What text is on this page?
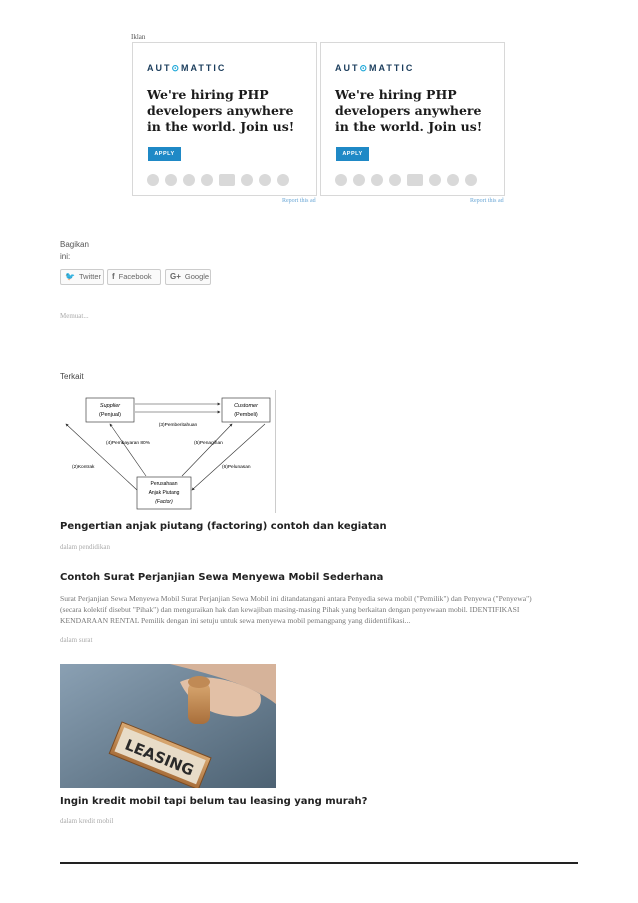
Iklan
AUT⊙MATTIC
We're hiring PHP developers anywhere in the world. Join us!
APPLY
Report this ad
AUT⊙MATTIC
We're hiring PHP developers anywhere in the world. Join us!
APPLY
Report this ad
Bagikan ini:
🐦 Twitter f Facebook G+ Google
Memuat...
Terkait
Supplier
(Penjual)
Customer
(Pembeli)
(3)Pemberitahuan
Perusahaan
Anjak Piutang
(Factor)
(4)Pembayaran 80%	(5)Penagihan
(2)Kontrak	(6)Pelunasan
Pengertian anjak piutang (factoring) contoh dan kegiatan
dalam pendidikan
Contoh Surat Perjanjian Sewa Menyewa Mobil Sederhana
Surat Perjanjian Sewa Menyewa Mobil Surat Perjanjian Sewa Mobil ini ditandatangani antara Penyedia sewa mobil ("Pemilik") dan Penyewa ("Penyewa") (secara kolektif disebut "Pihak") dan menguraikan hak dan kewajiban masing-masing Pihak yang berkaitan dengan penyewaan mobil. IDENTIFIKASI KENDARAAN RENTAL Pemilik dengan ini setuju untuk sewa menyewa mobil pemangpang yang diidentifikasi...
dalam surat
LEASING
Ingin kredit mobil tapi belum tau leasing yang murah?
dalam kredit mobil
